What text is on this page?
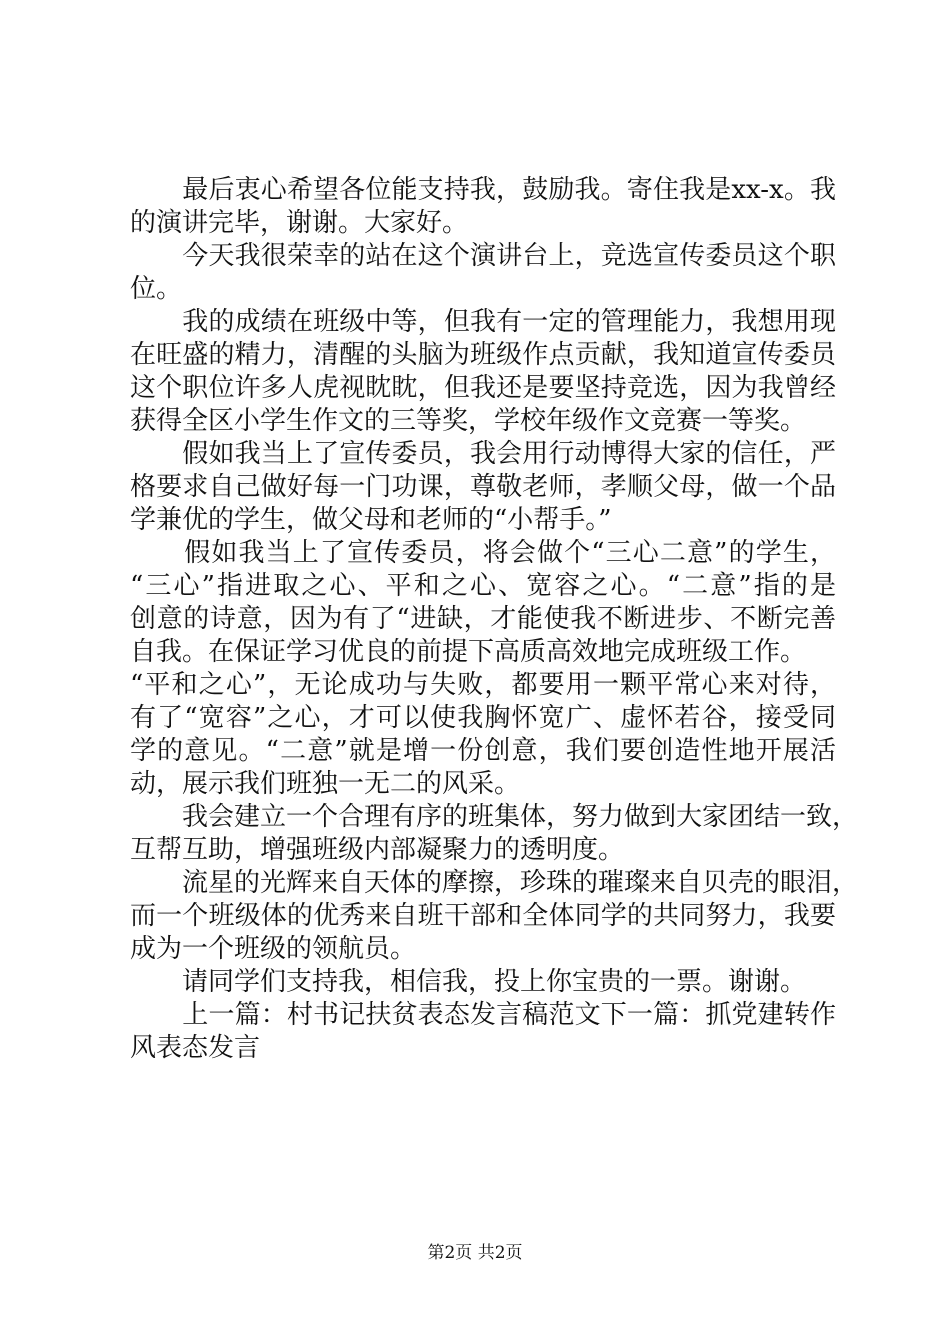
　　最后衷心希望各位能支持我，鼓励我。寄住我是xx-x。我
的演讲完毕，谢谢。大家好。
　　今天我很荣幸的站在这个演讲台上，竞选宣传委员这个职
位。
　　我的成绩在班级中等，但我有一定的管理能力，我想用现
在旺盛的精力，清醒的头脑为班级作点贡献，我知道宣传委员
这个职位许多人虎视眈眈，但我还是要坚持竞选，因为我曾经
获得全区小学生作文的三等奖，学校年级作文竞赛一等奖。
　　假如我当上了宣传委员，我会用行动博得大家的信任，严
格要求自己做好每一门功课，尊敬老师，孝顺父母，做一个品
学兼优的学生，做父母和老师的“小帮手。”
　　假如我当上了宣传委员，将会做个“三心二意”的学生，
“三心”指进取之心、平和之心、宽容之心。“二意”指的是
创意的诗意，因为有了“进缺，才能使我不断进步、不断完善
自我。在保证学习优良的前提下高质高效地完成班级工作。
“平和之心”，无论成功与失败，都要用一颗平常心来对待，
有了“宽容”之心，才可以使我胸怀宽广、虚怀若谷，接受同
学的意见。“二意”就是增一份创意，我们要创造性地开展活
动，展示我们班独一无二的风采。
　　我会建立一个合理有序的班集体，努力做到大家团结一致，
互帮互助，增强班级内部凝聚力的透明度。
　　流星的光辉来自天体的摩擦，珍珠的璀璨来自贝壳的眼泪，
而一个班级体的优秀来自班干部和全体同学的共同努力，我要
成为一个班级的领航员。
　　请同学们支持我，相信我，投上你宝贵的一票。谢谢。
　　上一篇：村书记扶贫表态发言稿范文下一篇：抓党建转作
风表态发言
第2页 共2页
